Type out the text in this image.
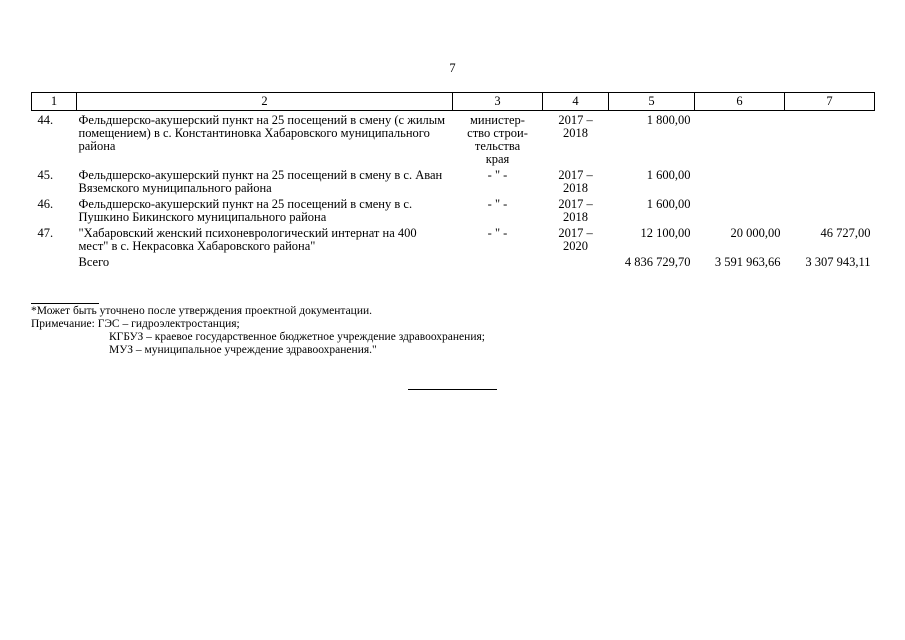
7
1	2	3	4	5	6	7
44.	Фельдшерско-акушерский пункт на 25 посещений в смену (с жилым помещением) в с. Константиновка Хабаровского муниципального района	министер-ство строи-тельства края	2017 – 2018	1 800,00		
45.	Фельдшерско-акушерский пункт на 25 посещений в смену в с. Аван Вяземского муниципального района	- " -	2017 – 2018	1 600,00		
46.	Фельдшерско-акушерский пункт на 25 посещений в смену в с. Пушкино Бикинского муниципального района	- " -	2017 – 2018	1 600,00		
47.	"Хабаровский женский психоневрологический интернат на 400 мест" в с. Некрасовка Хабаровского района"	- " -	2017 – 2020	12 100,00	20 000,00	46 727,00
	Всего			4 836 729,70	3 591 963,66	3 307 943,11
*Может быть уточнено после утверждения проектной документации.
Примечание: ГЭС – гидроэлектростанция;
КГБУЗ – краевое государственное бюджетное учреждение здравоохранения;
МУЗ – муниципальное учреждение здравоохранения."
